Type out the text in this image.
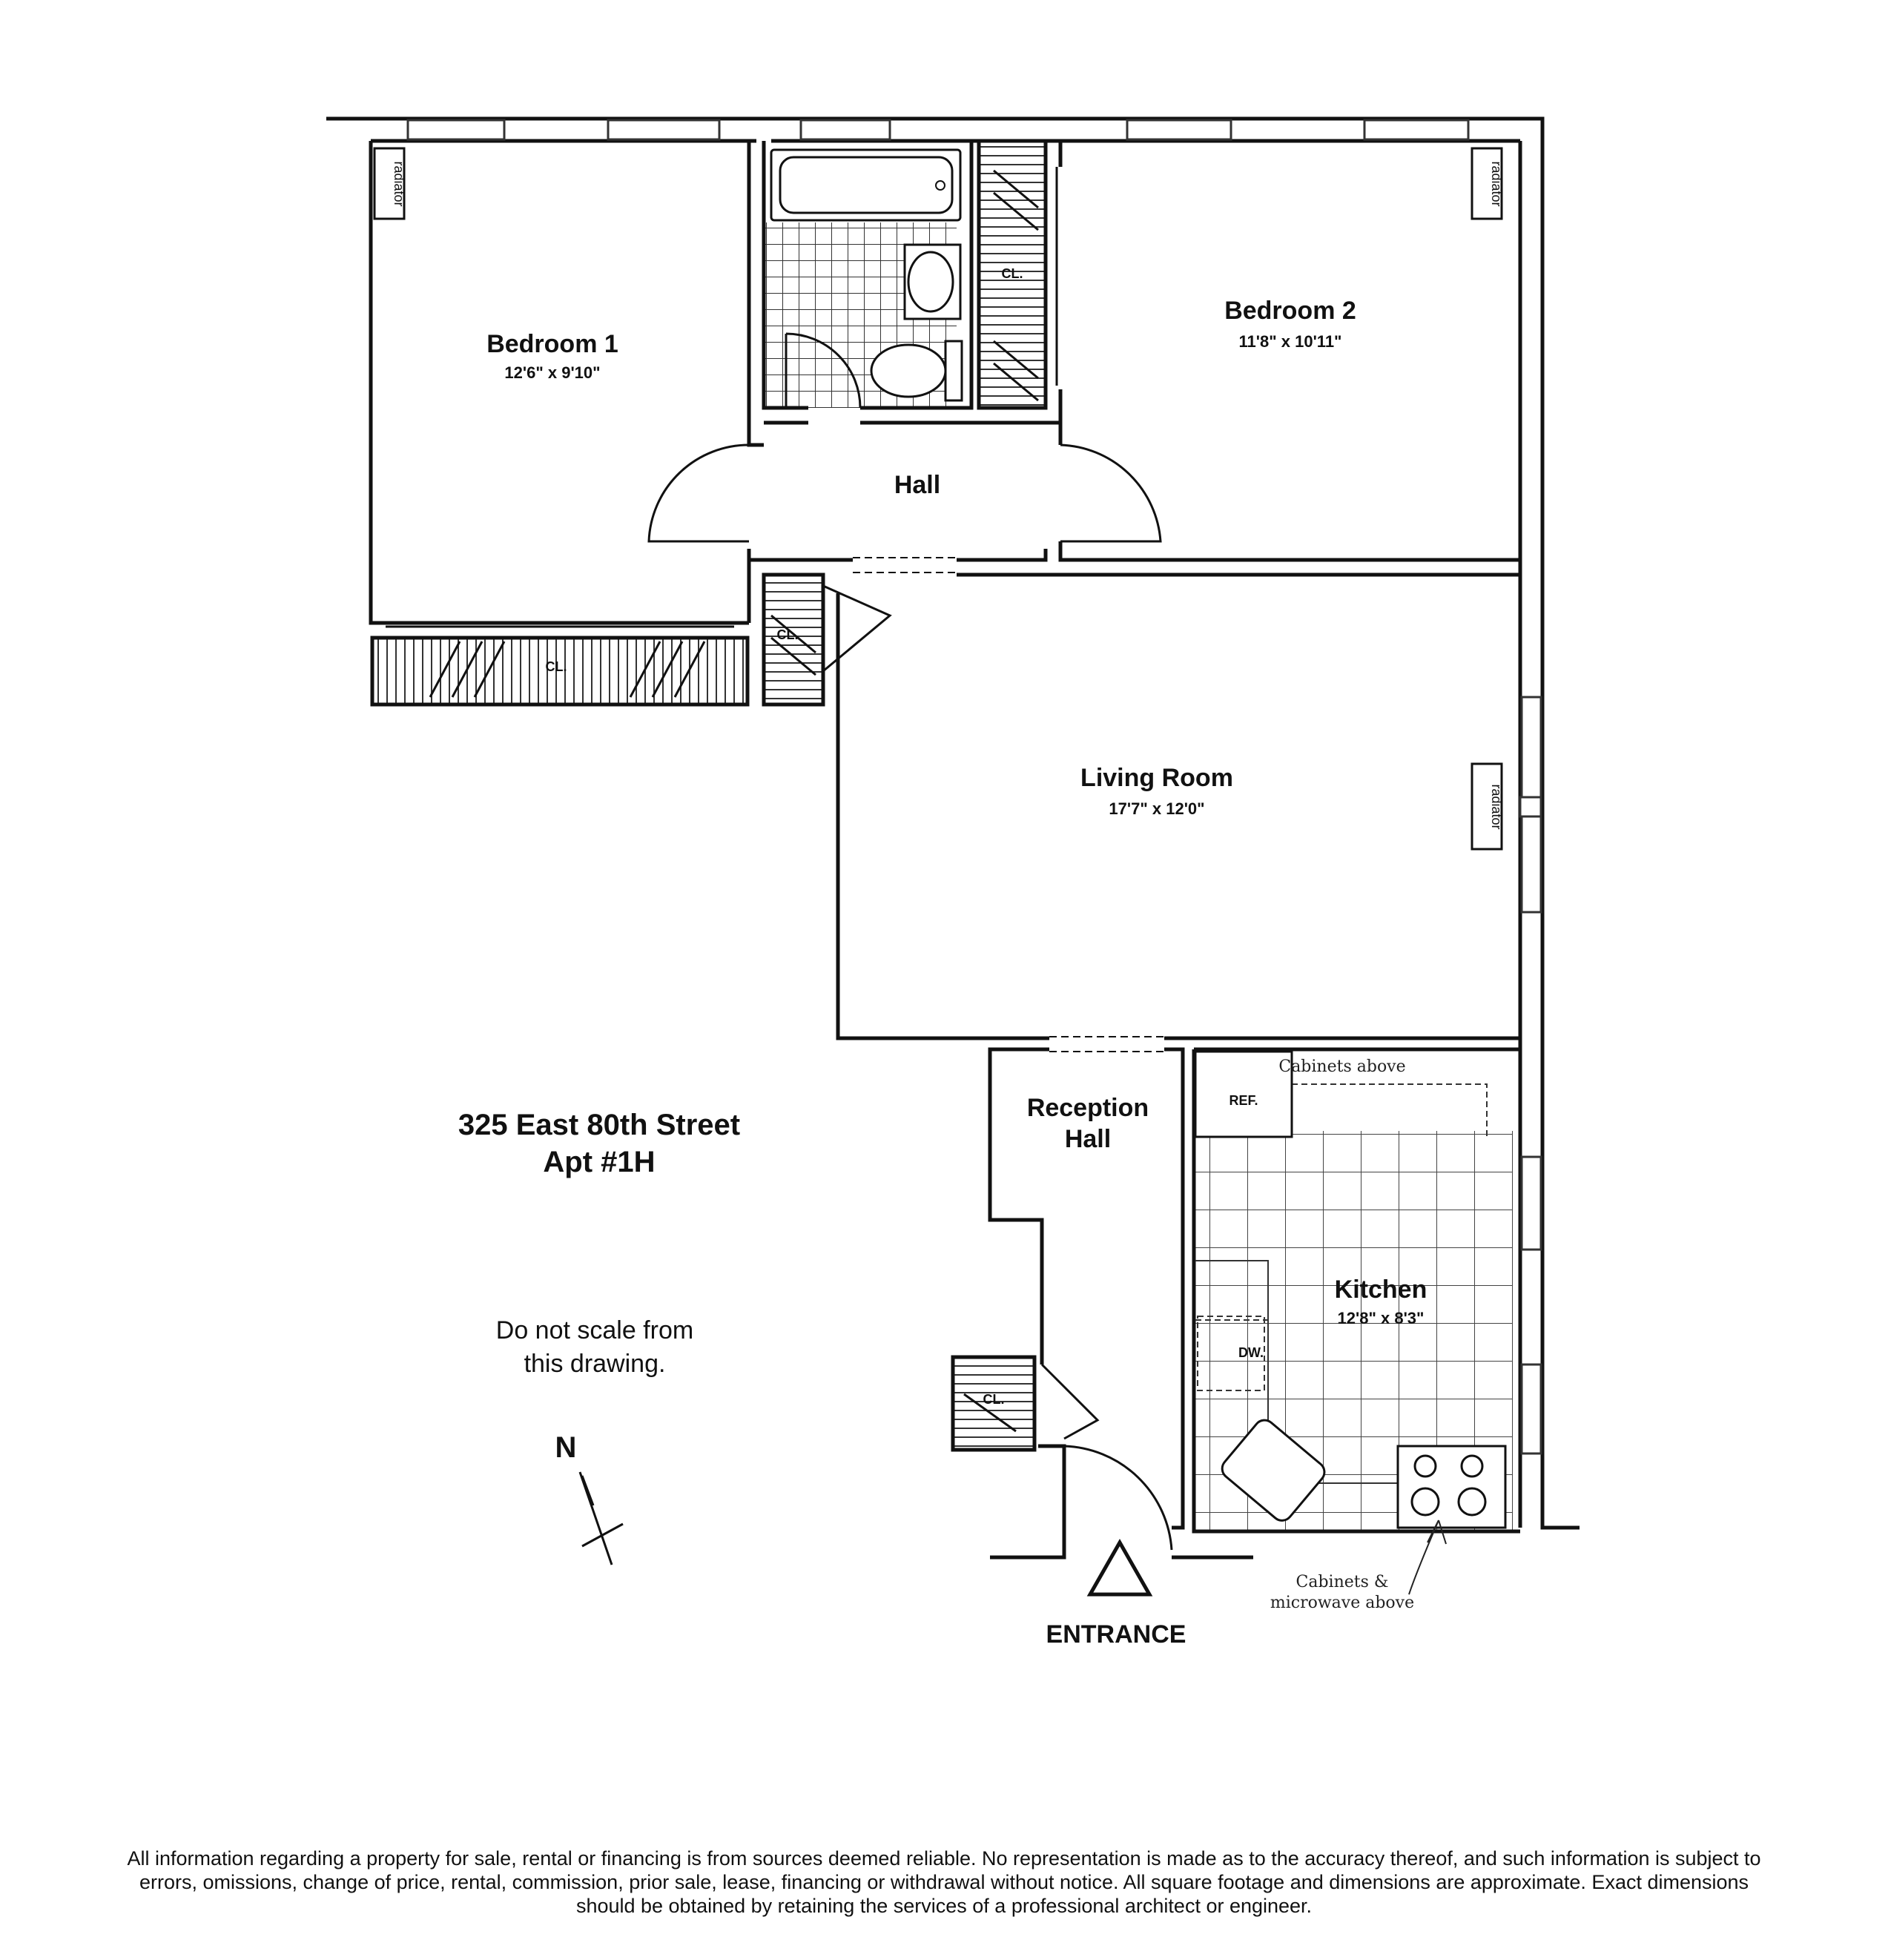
Bedroom 1
12'6" x 9'10"
Bedroom 2
11'8" x 10'11"
Hall
Living Room
17'7" x 12'0"
Reception
Hall
Kitchen
12'8" x 8'3"
radiator	radiator
radiator
CL.
CL.
CL.
CL.
REF.
DW.
Cabinets above
Cabinets &
microwave above
325 East 80th Street
Apt #1H
Do not scale from
this drawing.
N
ENTRANCE
All information regarding a property for sale, rental or financing is from sources deemed reliable. No representation is made as to the accuracy thereof, and such information is subject to errors, omissions, change of price, rental, commission, prior sale, lease, financing or withdrawal without notice. All square footage and dimensions are approximate. Exact dimensions should be obtained by retaining the services of a professional architect or engineer.
